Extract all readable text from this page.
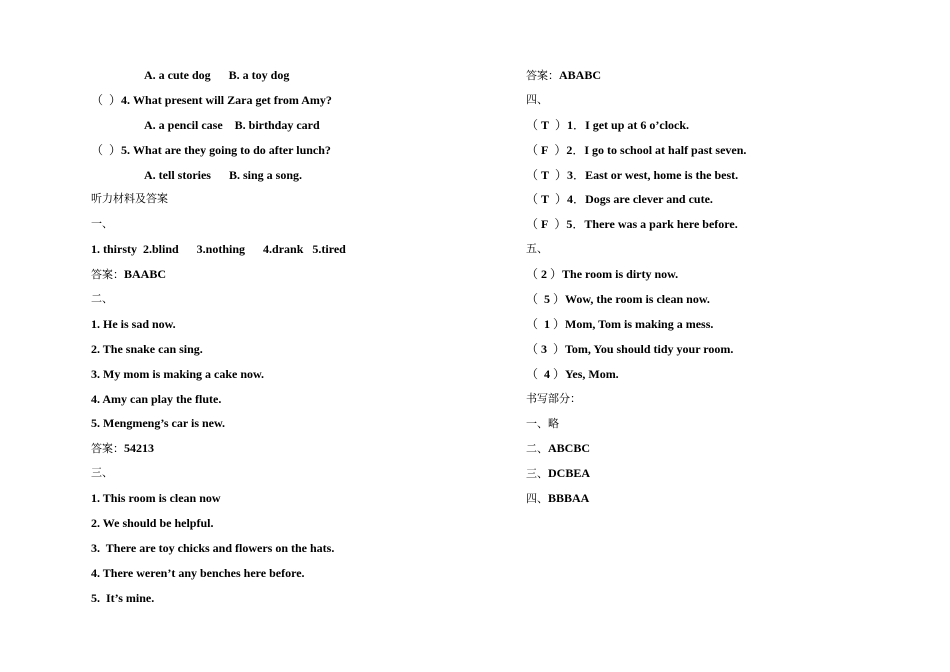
A. a cute dog      B. a toy dog
（ ）4. What present will Zara get from Amy?
A. a pencil case    B. birthday card
（ ）5. What are they going to do after lunch?
A. tell stories      B. sing a song.
听力材料及答案
一、
1. thirsty  2.blind      3.nothing      4.drank   5.tired
答案：BAABC
二、
1. He is sad now.
2. The snake can sing.
3. My mom is making a cake now.
4. Amy can play the flute.
5. Mengmeng’s car is new.
答案：54213
三、
1. This room is clean now
2. We should be helpful.
3.  There are toy chicks and flowers on the hats.
4. There weren’t any benches here before.
5.  It’s mine.
答案：ABABC
四、
（ T  ）1．I get up at 6 o’clock.
（ F  ）2．I go to school at half past seven.
（ T  ）3．East or west, home is the best.
（ T  ）4．Dogs are clever and cute.
（ F  ）5．There was a park here before.
五、
（ 2 ）The room is dirty now.
（  5 ）Wow, the room is clean now.
（  1 ）Mom, Tom is making a mess.
（ 3  ）Tom, You should tidy your room.
（  4 ）Yes, Mom.
书写部分：
一、略
二、ABCBC
三、DCBEA
四、BBBAA
